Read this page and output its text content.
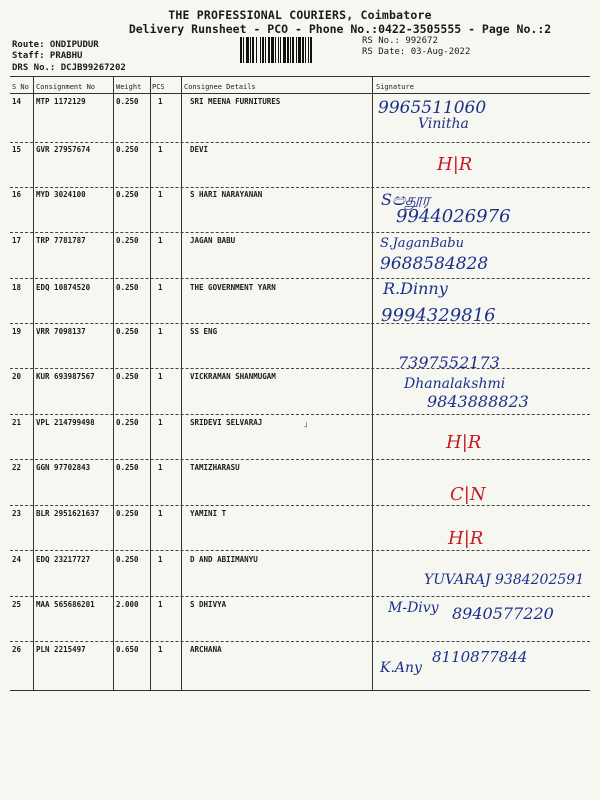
THE PROFESSIONAL COURIERS, Coimbatore
Delivery Runsheet - PCO - Phone No.:0422-3505555 - Page No.:2
Route: ONDIPUDUR
Staff: PRABHU
DRS No.: DCJB99267202
RS No.: 992672
RS Date: 03-Aug-2022
S No Consignment No	Weight PCS	Consignee Details	Signature
14 MTP 1172129	0.250	1	SRI MEENA FURNITURES	9965511060
Vinitha
15 GVR 27957674	0.250	1	DEVI
H|R
16 MYD 3024100	0.250	1	S HARI NARAYANAN	Sඏதூர
9944026976
17 TRP 7781787	0.250	1	JAGAN BABU	S.JaganBabu
9688584828
18 EDQ 10874520	0.250	1	THE GOVERNMENT YARN	R.Dinny
9994329816
19 VRR 7098137	0.250	1	SS ENG
7397552173
20 KUR 693987567	0.250	1	VICKRAMAN SHANMUGAM	Dhanalakshmi
9843888823
21 VPL 214799498	0.250	1	SRIDEVI SELVARAJ
H|R
22 GGN 97702843	0.250	1	TAMIZHARASU
C|N
23 BLR 2951621637 0.250	1	YAMINI T
H|R
24 EDQ 23217727	0.250	1	D AND ABIIMANYU
YUVARAJ 9384202591
25 MAA 565686201	2.000	1	S DHIVYA	M-Divy 8940577220
26 PLN 2215497	0.650	1	ARCHANA
K.Any
8110877844
˩
